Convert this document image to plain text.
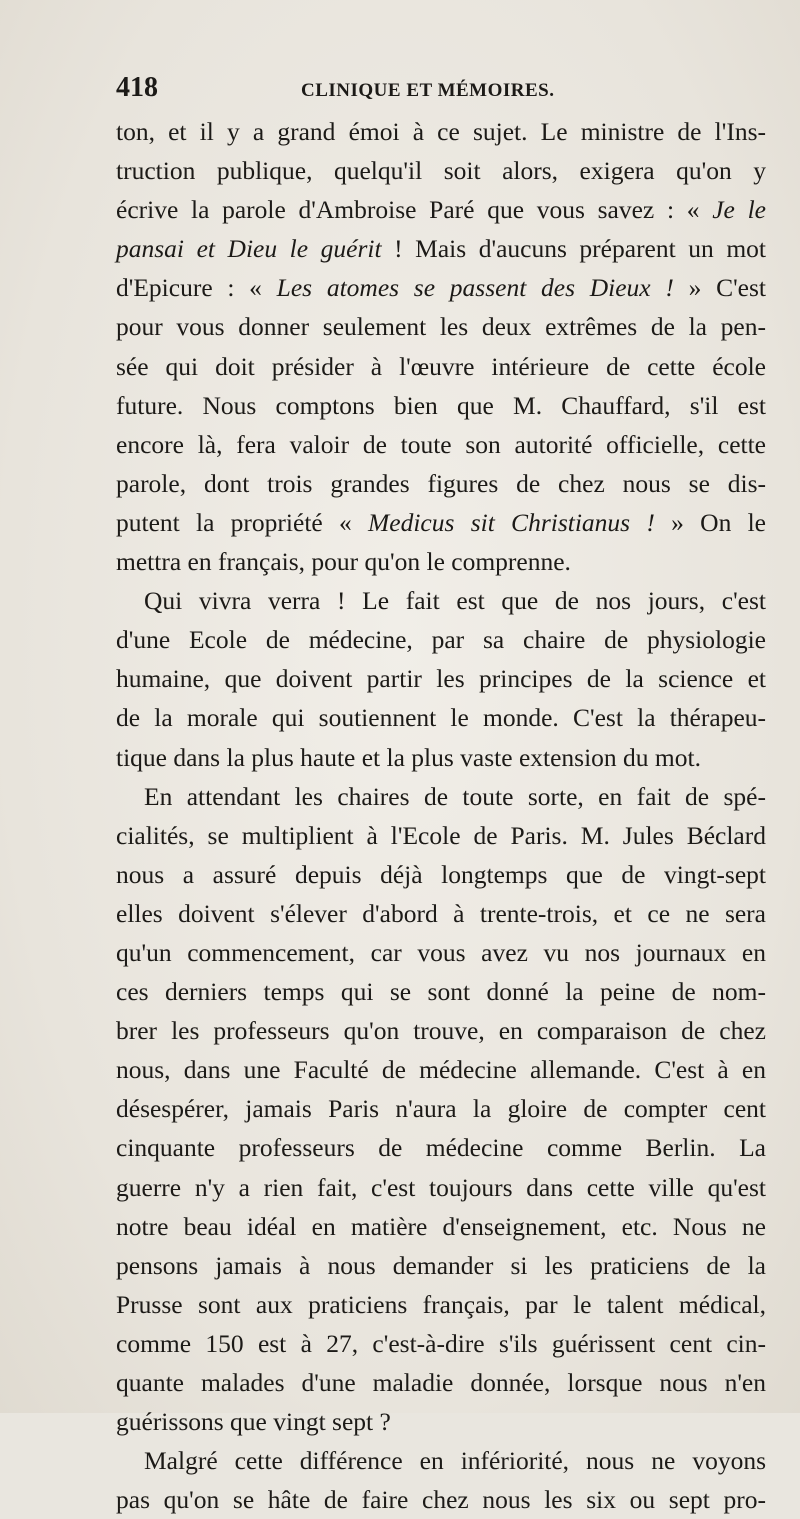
418	CLINIQUE ET MÉMOIRES.
ton, et il y a grand émoi à ce sujet. Le ministre de l'Ins-
truction publique, quelqu'il soit alors, exigera qu'on y
écrive la parole d'Ambroise Paré que vous savez : « Je le
pansai et Dieu le guérit ! Mais d'aucuns préparent un mot
d'Epicure : « Les atomes se passent des Dieux ! » C'est
pour vous donner seulement les deux extrêmes de la pen-
sée qui doit présider à l'œuvre intérieure de cette école
future. Nous comptons bien que M. Chauffard, s'il est
encore là, fera valoir de toute son autorité officielle, cette
parole, dont trois grandes figures de chez nous se dis-
putent la propriété « Medicus sit Christianus ! » On le
mettra en français, pour qu'on le comprenne.
Qui vivra verra ! Le fait est que de nos jours, c'est
d'une Ecole de médecine, par sa chaire de physiologie
humaine, que doivent partir les principes de la science et
de la morale qui soutiennent le monde. C'est la thérapeu-
tique dans la plus haute et la plus vaste extension du mot.
En attendant les chaires de toute sorte, en fait de spé-
cialités, se multiplient à l'Ecole de Paris. M. Jules Béclard
nous a assuré depuis déjà longtemps que de vingt-sept
elles doivent s'élever d'abord à trente-trois, et ce ne sera
qu'un commencement, car vous avez vu nos journaux en
ces derniers temps qui se sont donné la peine de nom-
brer les professeurs qu'on trouve, en comparaison de chez
nous, dans une Faculté de médecine allemande. C'est à en
désespérer, jamais Paris n'aura la gloire de compter cent
cinquante professeurs de médecine comme Berlin. La
guerre n'y a rien fait, c'est toujours dans cette ville qu'est
notre beau idéal en matière d'enseignement, etc. Nous ne
pensons jamais à nous demander si les praticiens de la
Prusse sont aux praticiens français, par le talent médical,
comme 150 est à 27, c'est-à-dire s'ils guérissent cent cin-
quante malades d'une maladie donnée, lorsque nous n'en
guérissons que vingt sept ?
Malgré cette différence en infériorité, nous ne voyons
pas qu'on se hâte de faire chez nous les six ou sept pro-
